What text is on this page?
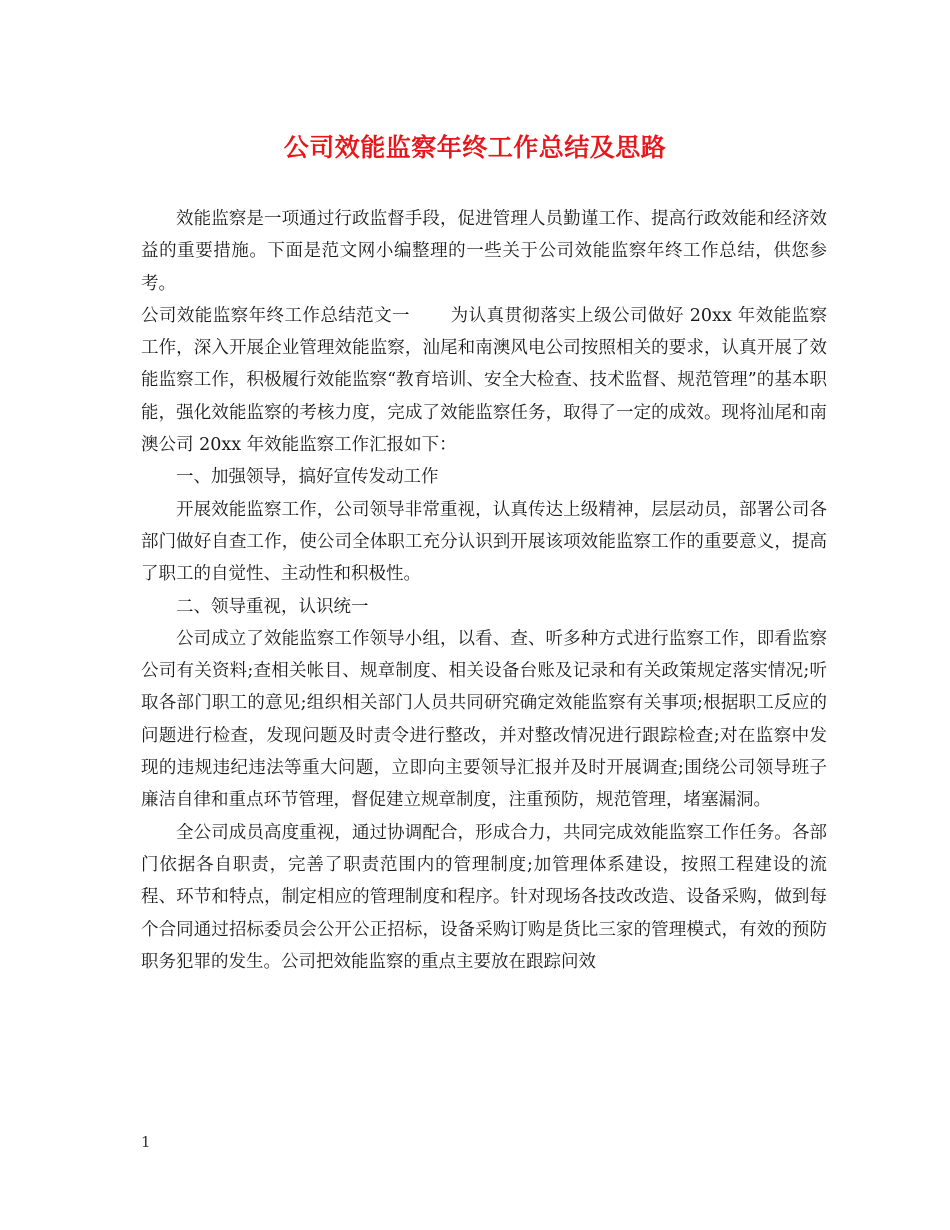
公司效能监察年终工作总结及思路

效能监察是一项通过行政监督手段，促进管理人员勤谨工作、提高行政效能和经济效益的重要措施。下面是范文网小编整理的一些关于公司效能监察年终工作总结，供您参考。

公司效能监察年终工作总结范文一 为认真贯彻落实上级公司做好 20xx 年效能监察工作，深入开展企业管理效能监察，汕尾和南澳风电公司按照相关的要求，认真开展了效能监察工作，积极履行效能监察“教育培训、安全大检查、技术监督、规范管理”的基本职能，强化效能监察的考核力度，完成了效能监察任务，取得了一定的成效。现将汕尾和南澳公司 20xx 年效能监察工作汇报如下：

一、加强领导，搞好宣传发动工作

开展效能监察工作，公司领导非常重视，认真传达上级精神，层层动员，部署公司各部门做好自查工作，使公司全体职工充分认识到开展该项效能监察工作的重要意义，提高了职工的自觉性、主动性和积极性。

二、领导重视，认识统一

公司成立了效能监察工作领导小组，以看、查、听多种方式进行监察工作，即看监察公司有关资料;查相关帐目、规章制度、相关设备台账及记录和有关政策规定落实情况;听取各部门职工的意见;组织相关部门人员共同研究确定效能监察有关事项;根据职工反应的问题进行检查，发现问题及时责令进行整改，并对整改情况进行跟踪检查;对在监察中发现的违规违纪违法等重大问题，立即向主要领导汇报并及时开展调查;围绕公司领导班子廉洁自律和重点环节管理，督促建立规章制度，注重预防，规范管理，堵塞漏洞。

全公司成员高度重视，通过协调配合，形成合力，共同完成效能监察工作任务。各部门依据各自职责，完善了职责范围内的管理制度;加管理体系建设，按照工程建设的流程、环节和特点，制定相应的管理制度和程序。针对现场各技改改造、设备采购，做到每个合同通过招标委员会公开公正招标，设备采购订购是货比三家的管理模式，有效的预防职务犯罪的发生。公司把效能监察的重点主要放在跟踪问效

1
